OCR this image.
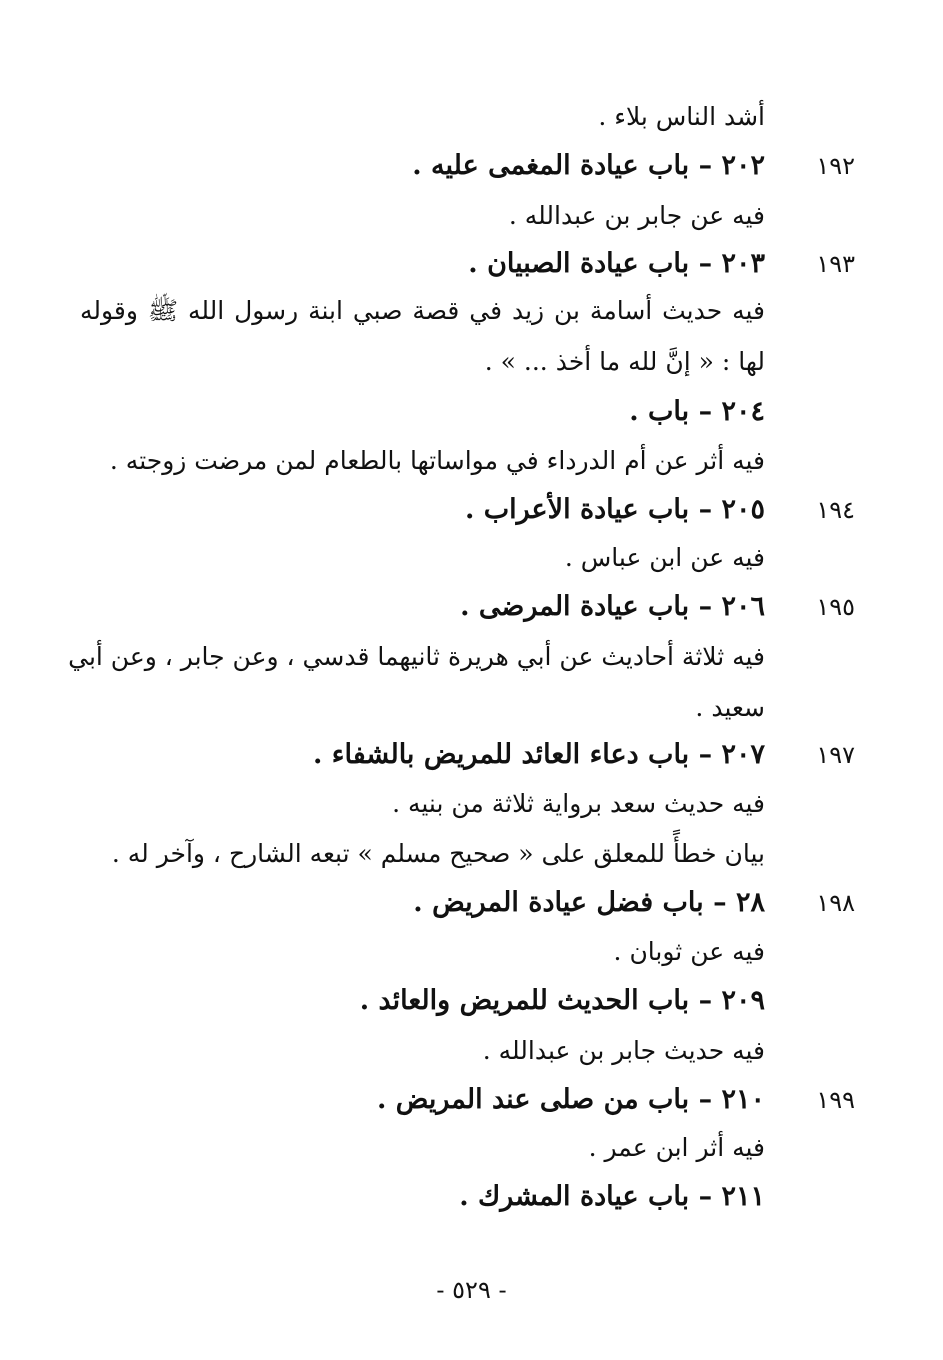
أشد الناس بلاء .
١٩٢
٢٠٢ – باب عيادة المغمى عليه .
فيه عن جابر بن عبدالله .
١٩٣
٢٠٣ – باب عيادة الصبيان .
فيه حديث أسامة بن زيد في قصة صبي ابنة رسول الله ﷺ وقوله
لها : « إنَّ لله ما أخذ ... » .
٢٠٤ – باب .
فيه أثر عن أم الدرداء في مواساتها بالطعام لمن مرضت زوجته .
١٩٤
٢٠٥ – باب عيادة الأعراب .
فيه عن ابن عباس .
١٩٥
٢٠٦ – باب عيادة المرضى .
فيه ثلاثة أحاديث عن أبي هريرة ثانيهما قدسي ، وعن جابر ، وعن أبي
سعيد .
١٩٧
٢٠٧ – باب دعاء العائد للمريض بالشفاء .
فيه حديث سعد برواية ثلاثة من بنيه .
بيان خطأً للمعلق على « صحيح مسلم » تبعه الشارح ، وآخر له .
١٩٨
٢٨ – باب فضل عيادة المريض .
فيه عن ثوبان .
٢٠٩ – باب الحديث للمريض والعائد .
فيه حديث جابر بن عبدالله .
١٩٩
٢١٠ – باب من صلى عند المريض .
فيه أثر ابن عمر .
٢١١ – باب عيادة المشرك .
- ٥٢٩ -
